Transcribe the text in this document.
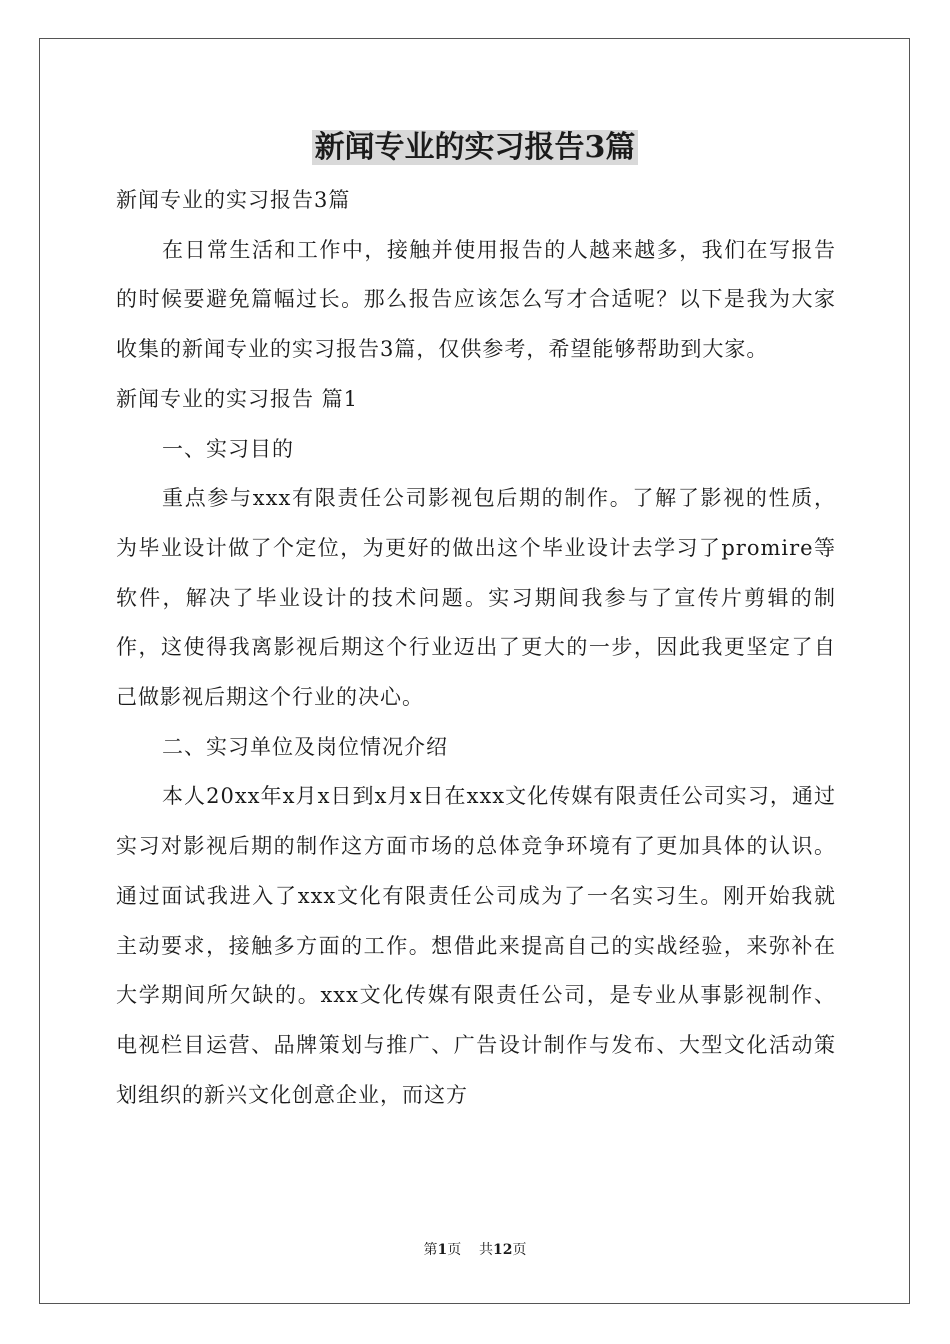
新闻专业的实习报告3篇

新闻专业的实习报告3篇

在日常生活和工作中，接触并使用报告的人越来越多，我们在写报告的时候要避免篇幅过长。那么报告应该怎么写才合适呢？以下是我为大家收集的新闻专业的实习报告3篇，仅供参考，希望能够帮助到大家。

新闻专业的实习报告 篇1

一、实习目的

重点参与xxx有限责任公司影视包后期的制作。了解了影视的性质，为毕业设计做了个定位，为更好的做出这个毕业设计去学习了promire等软件，解决了毕业设计的技术问题。实习期间我参与了宣传片剪辑的制作，这使得我离影视后期这个行业迈出了更大的一步，因此我更坚定了自己做影视后期这个行业的决心。

二、实习单位及岗位情况介绍

本人20xx年x月x日到x月x日在xxx文化传媒有限责任公司实习，通过实习对影视后期的制作这方面市场的总体竞争环境有了更加具体的认识。通过面试我进入了xxx文化有限责任公司成为了一名实习生。刚开始我就主动要求，接触多方面的工作。想借此来提高自己的实战经验，来弥补在大学期间所欠缺的。xxx文化传媒有限责任公司，是专业从事影视制作、电视栏目运营、品牌策划与推广、广告设计制作与发布、大型文化活动策划组织的新兴文化创意企业，而这方

第1页 共12页
